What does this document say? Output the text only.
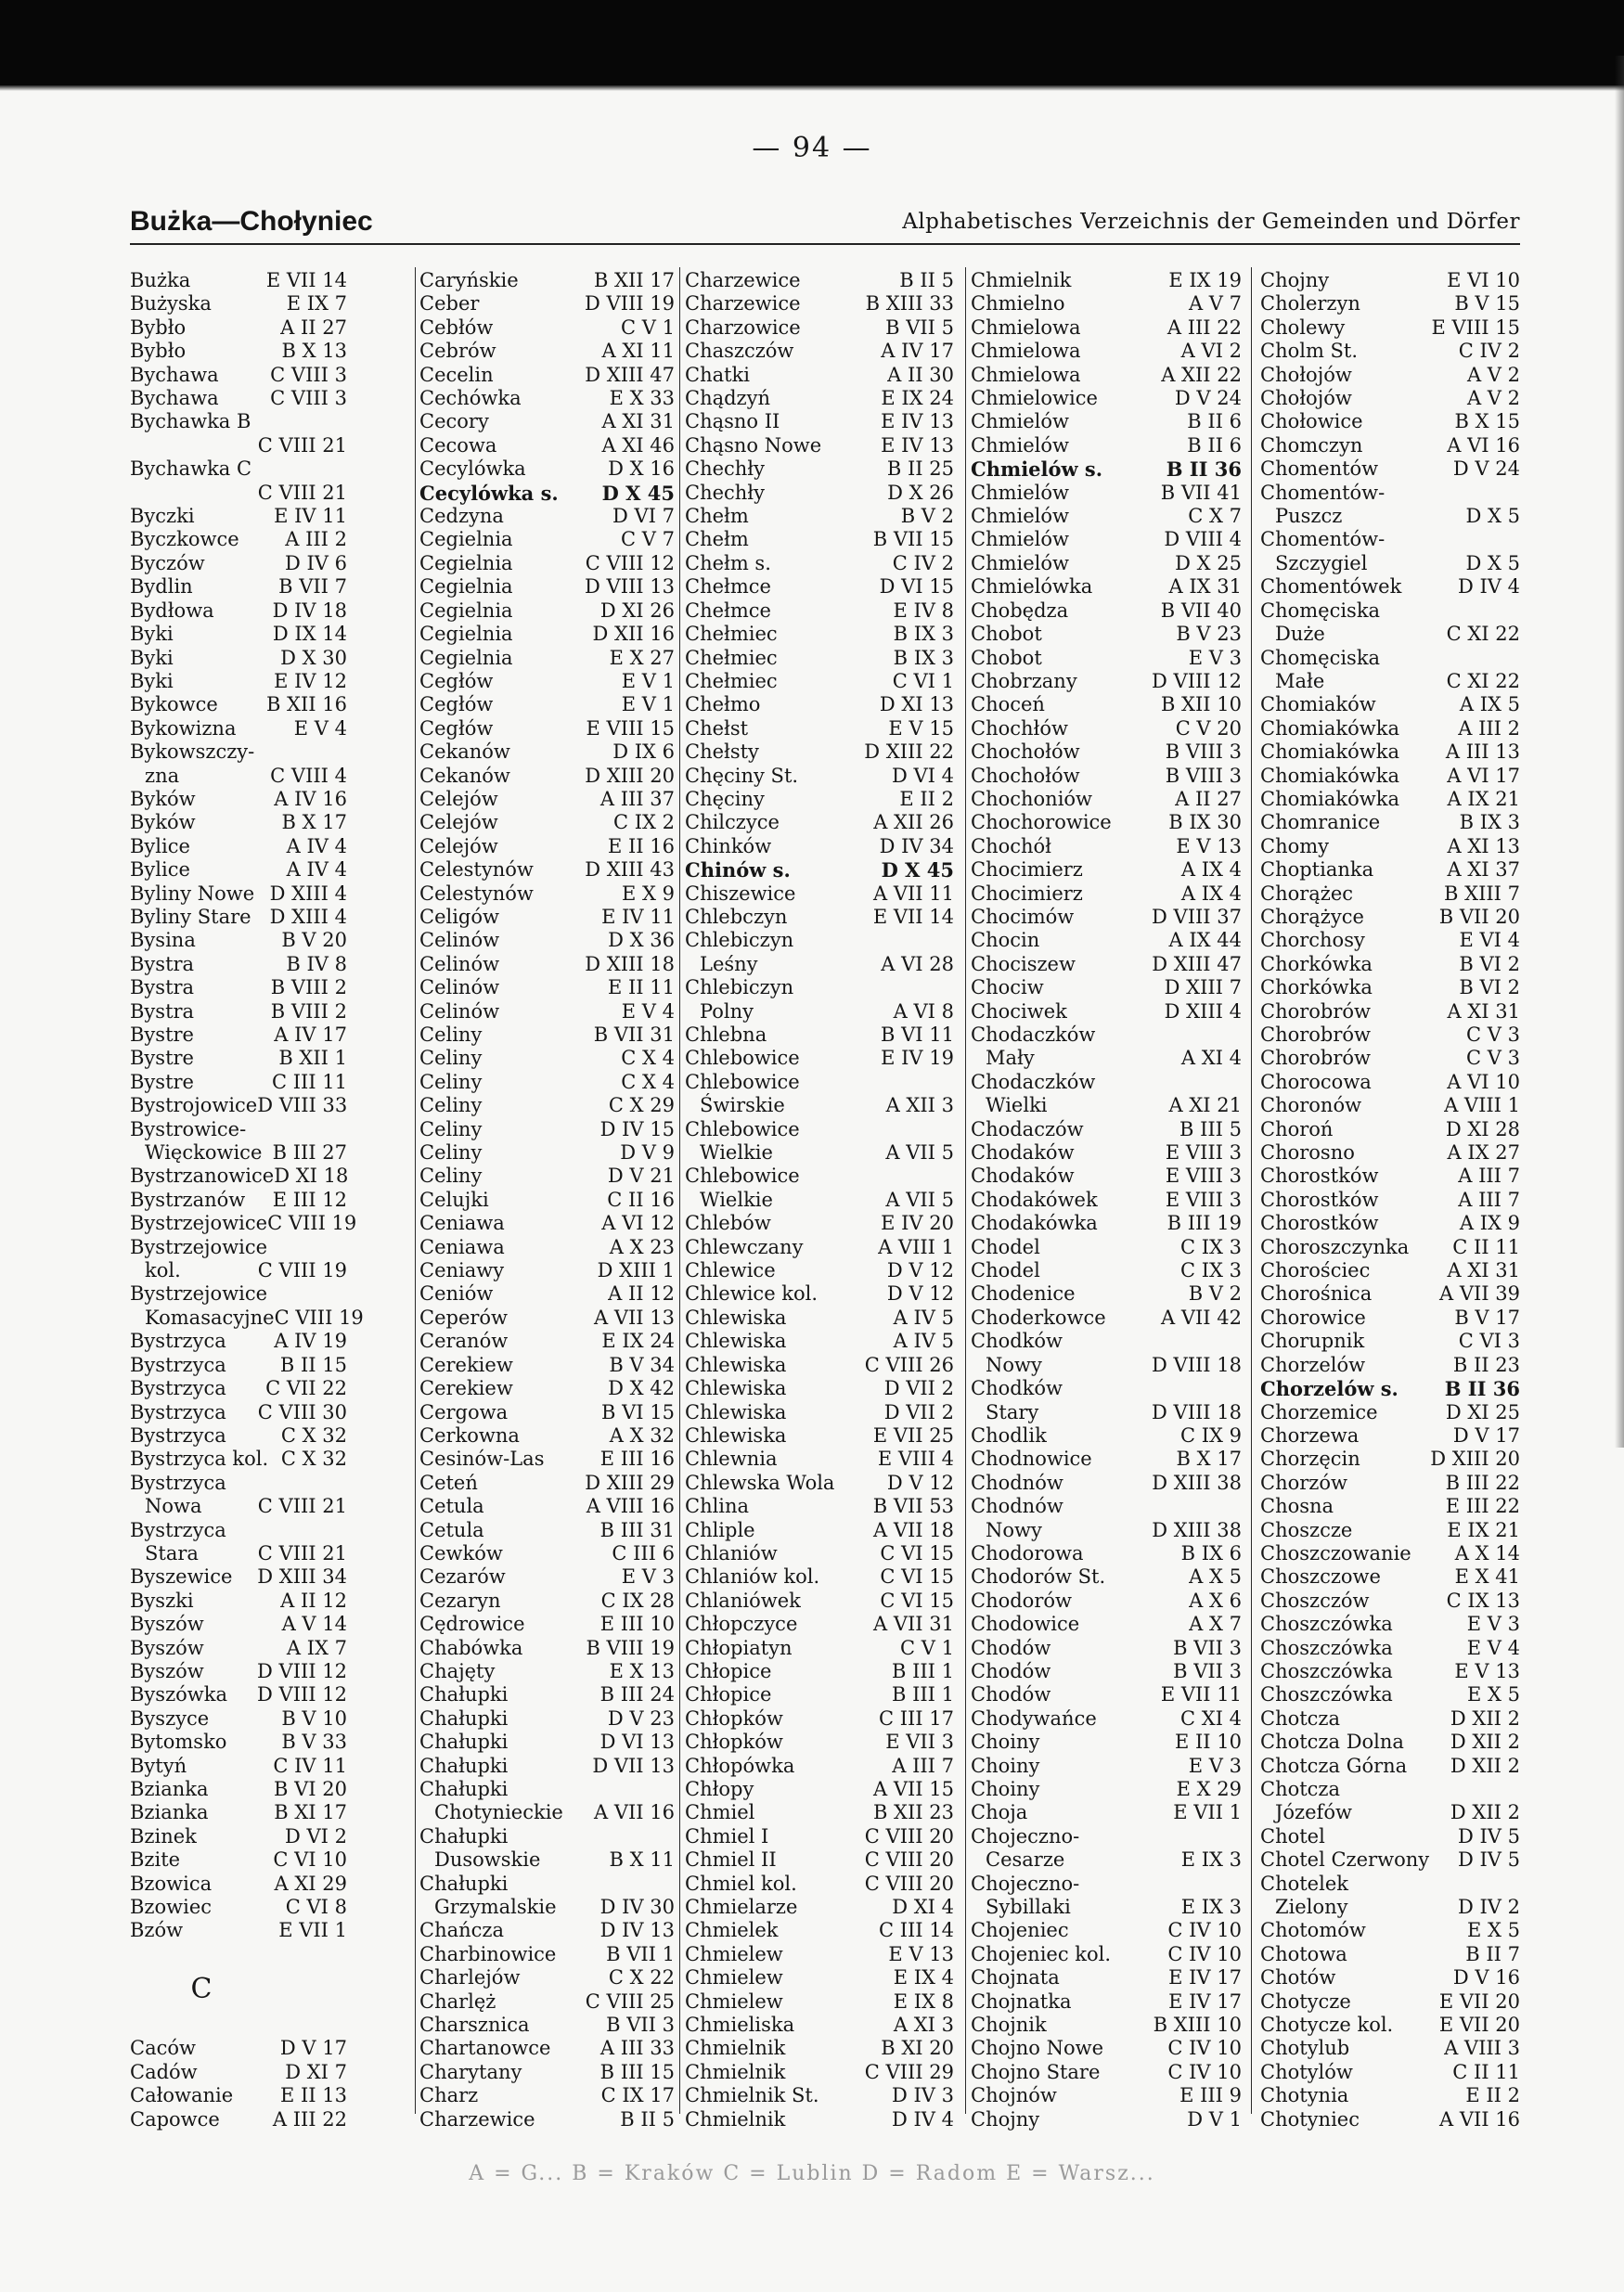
— 94 —
Bużka—Chołyniec	Alphabetisches Verzeichnis der Gemeinden und Dörfer
Bużka	E VII 14
Bużyska	E IX 7
Bybło	A II 27
Bybło	B X 13
Bychawa	C VIII 3
Bychawa	C VIII 3
Bychawka B
C VIII 21
Bychawka C
C VIII 21
Byczki	E IV 11
Byczkowce A III 2
Byczów	D IV 6
Bydlin	B VII 7
Bydłowa	D IV 18
Byki	D IX 14
Byki	D X 30
Byki	E IV 12
Bykowce B XII 16
Bykowizna	E V 4
Bykowszczy-
zna	C VIII 4
Byków	A IV 16
Byków	B X 17
Bylice	A IV 4
Bylice	A IV 4
Byliny Nowe D XIII 4
Byliny Stare D XIII 4
Bysina	B V 20
Bystra	B IV 8
Bystra	B VIII 2
Bystra	B VIII 2
Bystre	A IV 17
Bystre	B XII 1
Bystre	C III 11
Bystrojowice D VIII 33
Bystrowice-
Więckowice B III 27
Bystrzanowice D XI 18
Bystrzanów E III 12
Bystrzejowice C VIII 19
Bystrzejowice
kol.	C VIII 19
Bystrzejowice
Komasacyjne C VIII 19
Bystrzyca A IV 19
Bystrzyca	B II 15
Bystrzyca C VII 22
Bystrzyca C VIII 30
Bystrzyca	C X 32
Bystrzyca kol. C X 32
Bystrzyca
Nowa	C VIII 21
Bystrzyca
Stara	C VIII 21
Byszewice D XIII 34
Byszki	A II 12
Byszów	A V 14
Byszów	A IX 7
Byszów	D VIII 12
Byszówka D VIII 12
Byszyce	B V 10
Bytomsko	B V 33
Bytyń	C IV 11
Bzianka	B VI 20
Bzianka	B XI 17
Bzinek	D VI 2
Bzite	C VI 10
Bzowica	A XI 29
Bzowiec	C VI 8
Bzów	E VII 1
C
Caców	D V 17
Cadów	D XI 7
Całowanie E II 13
Capowce	A III 22
Caryńskie	B XII 17
Ceber	D VIII 19
Cebłów	C V 1
Cebrów	A XI 11
Cecelin	D XIII 47
Cechówka	E X 33
Cecory	A XI 31
Cecowa	A XI 46
Cecylówka	D X 16
Cecylówka s. D X 45
Cedzyna	D VI 7
Cegielnia	C V 7
Cegielnia	C VIII 12
Cegielnia	D VIII 13
Cegielnia	D XI 26
Cegielnia	D XII 16
Cegielnia	E X 27
Cegłów	E V 1
Cegłów	E V 1
Cegłów	E VIII 15
Cekanów	D IX 6
Cekanów	D XIII 20
Celejów	A III 37
Celejów	C IX 2
Celejów	E II 16
Celestynów	D XIII 43
Celestynów	E X 9
Celigów	E IV 11
Celinów	D X 36
Celinów	D XIII 18
Celinów	E II 11
Celinów	E V 4
Celiny	B VII 31
Celiny	C X 4
Celiny	C X 4
Celiny	C X 29
Celiny	D IV 15
Celiny	D V 9
Celiny	D V 21
Celujki	C II 16
Ceniawa	A VI 12
Ceniawa	A X 23
Ceniawy	D XIII 1
Ceniów	A II 12
Ceperów	A VII 13
Ceranów	E IX 24
Cerekiew	B V 34
Cerekiew	D X 42
Cergowa	B VI 15
Cerkowna	A X 32
Cesinów-Las	E III 16
Ceteń	D XIII 29
Cetula	A VIII 16
Cetula	B III 31
Cewków	C III 6
Cezarów	E V 3
Cezaryn	C IX 28
Cędrowice	E III 10
Chabówka	B VIII 19
Chajęty	E X 13
Chałupki	B III 24
Chałupki	D V 23
Chałupki	D VI 13
Chałupki	D VII 13
Chałupki
Chotynieckie A VII 16
Chałupki
Dusowskie	B X 11
Chałupki
Grzymalskie D IV 30
Chańcza	D IV 13
Charbinowice	B VII 1
Charlejów	C X 22
Charlęż	C VIII 25
Charsznica	B VII 3
Chartanowce	A III 33
Charytany	B III 15
Charz	C IX 17
Charzewice	B II 5
Charzewice	B II 5
Charzewice	B XIII 33
Charzowice	B VII 5
Chaszczów	A IV 17
Chatki	A II 30
Chądzyń	E IX 24
Chąsno II	E IV 13
Chąsno Nowe	E IV 13
Chechły	B II 25
Chechły	D X 26
Chełm	B V 2
Chełm	B VII 15
Chełm s.	C IV 2
Chełmce	D VI 15
Chełmce	E IV 8
Chełmiec	B IX 3
Chełmiec	B IX 3
Chełmiec	C VI 1
Chełmo	D XI 13
Chełst	E V 15
Chełsty	D XIII 22
Chęciny St.	D VI 4
Chęciny	E II 2
Chilczyce	A XII 26
Chinków	D IV 34
Chinów s.	D X 45
Chiszewice	A VII 11
Chlebczyn	E VII 14
Chlebiczyn
Leśny	A VI 28
Chlebiczyn
Polny	A VI 8
Chlebna	B VI 11
Chlebowice	E IV 19
Chlebowice
Świrskie	A XII 3
Chlebowice
Wielkie	A VII 5
Chlebowice
Wielkie	A VII 5
Chlebów	E IV 20
Chlewczany	A VIII 1
Chlewice	D V 12
Chlewice kol.	D V 12
Chlewiska	A IV 5
Chlewiska	A IV 5
Chlewiska	C VIII 26
Chlewiska	D VII 2
Chlewiska	D VII 2
Chlewiska	E VII 25
Chlewnia	E VIII 4
Chlewska Wola	D V 12
Chlina	B VII 53
Chliple	A VII 18
Chlaniów	C VI 15
Chlaniów kol.	C VI 15
Chlaniówek	C VI 15
Chłopczyce	A VII 31
Chłopiatyn	C V 1
Chłopice	B III 1
Chłopice	B III 1
Chłopków	C III 17
Chłopków	E VII 3
Chłopówka	A III 7
Chłopy	A VII 15
Chmiel	B XII 23
Chmiel I	C VIII 20
Chmiel II	C VIII 20
Chmiel kol.	C VIII 20
Chmielarze	D XI 4
Chmielek	C III 14
Chmielew	E V 13
Chmielew	E IX 4
Chmielew	E IX 8
Chmieliska	A XI 3
Chmielnik	B XI 20
Chmielnik	C VIII 29
Chmielnik St.	D IV 3
Chmielnik	D IV 4
Chmielnik	E IX 19
Chmielno	A V 7
Chmielowa	A III 22
Chmielowa	A VI 2
Chmielowa	A XII 22
Chmielowice	D V 24
Chmielów	B II 6
Chmielów	B II 6
Chmielów s.	B II 36
Chmielów	B VII 41
Chmielów	C X 7
Chmielów	D VIII 4
Chmielów	D X 25
Chmielówka	A IX 31
Chobędza	B VII 40
Chobot	B V 23
Chobot	E V 3
Chobrzany	D VIII 12
Choceń	B XII 10
Chochłów	C V 20
Chochołów	B VIII 3
Chochołów	B VIII 3
Chochoniów	A II 27
Chochorowice	B IX 30
Chochół	E V 13
Chocimierz	A IX 4
Chocimierz	A IX 4
Chocimów	D VIII 37
Chocin	A IX 44
Chociszew	D XIII 47
Chociw	D XIII 7
Chociwek	D XIII 4
Chodaczków
Mały	A XI 4
Chodaczków
Wielki	A XI 21
Chodaczów	B III 5
Chodaków	E VIII 3
Chodaków	E VIII 3
Chodakówek	E VIII 3
Chodakówka	B III 19
Chodel	C IX 3
Chodel	C IX 3
Chodenice	B V 2
Choderkowce	A VII 42
Chodków
Nowy	D VIII 18
Chodków
Stary	D VIII 18
Chodlik	C IX 9
Chodnowice	B X 17
Chodnów	D XIII 38
Chodnów
Nowy	D XIII 38
Chodorowa	B IX 6
Chodorów St.	A X 5
Chodorów	A X 6
Chodowice	A X 7
Chodów	B VII 3
Chodów	B VII 3
Chodów	E VII 11
Chodywańce	C XI 4
Choiny	E II 10
Choiny	E V 3
Choiny	E X 29
Choja	E VII 1
Chojeczno-
Cesarze	E IX 3
Chojeczno-
Sybillaki	E IX 3
Chojeniec	C IV 10
Chojeniec kol.	C IV 10
Chojnata	E IV 17
Chojnatka	E IV 17
Chojnik	B XIII 10
Chojno Nowe	C IV 10
Chojno Stare	C IV 10
Chojnów	E III 9
Chojny	D V 1
Chojny	E VI 10
Cholerzyn	B V 15
Cholewy	E VIII 15
Cholm St.	C IV 2
Chołojów	A V 2
Chołojów	A V 2
Chołowice	B X 15
Chomczyn	A VI 16
Chomentów	D V 24
Chomentów-
Puszcz	D X 5
Chomentów-
Szczygiel	D X 5
Chomentówek	D IV 4
Chomęciska
Duże	C XI 22
Chomęciska
Małe	C XI 22
Chomiaków	A IX 5
Chomiakówka	A III 2
Chomiakówka A III 13
Chomiakówka A VI 17
Chomiakówka A IX 21
Chomranice	B IX 3
Chomy	A XI 13
Choptianka	A XI 37
Chorążec	B XIII 7
Chorążyce	B VII 20
Chorchosy	E VI 4
Chorkówka	B VI 2
Chorkówka	B VI 2
Chorobrów	A XI 31
Chorobrów	C V 3
Chorobrów	C V 3
Chorocowa	A VI 10
Choronów	A VIII 1
Choroń	D XI 28
Chorosno	A IX 27
Chorostków	A III 7
Chorostków	A III 7
Chorostków	A IX 9
Choroszczynka C II 11
Chorościec	A XI 31
Chorośnica	A VII 39
Chorowice	B V 17
Chorupnik	C VI 3
Chorzelów	B II 23
Chorzelów s. B II 36
Chorzemice	D XI 25
Chorzewa	D V 17
Chorzęcin	D XIII 20
Chorzów	B III 22
Chosna	E III 22
Choszcze	E IX 21
Choszczowanie A X 14
Choszczowe	E X 41
Choszczów	C IX 13
Choszczówka	E V 3
Choszczówka	E V 4
Choszczówka	E V 13
Choszczówka	E X 5
Chotcza	D XII 2
Chotcza Dolna D XII 2
Chotcza Górna D XII 2
Chotcza
Józefów	D XII 2
Chotel	D IV 5
Chotel Czerwony D IV 5
Chotelek
Zielony	D IV 2
Chotomów	E X 5
Chotowa	B II 7
Chotów	D V 16
Chotycze	E VII 20
Chotycze kol. E VII 20
Chotylub	A VIII 3
Chotylów	C II 11
Chotynia	E II 2
Chotyniec	A VII 16
A = G... B = Kraków C = Lublin D = Radom E = Warsz...
